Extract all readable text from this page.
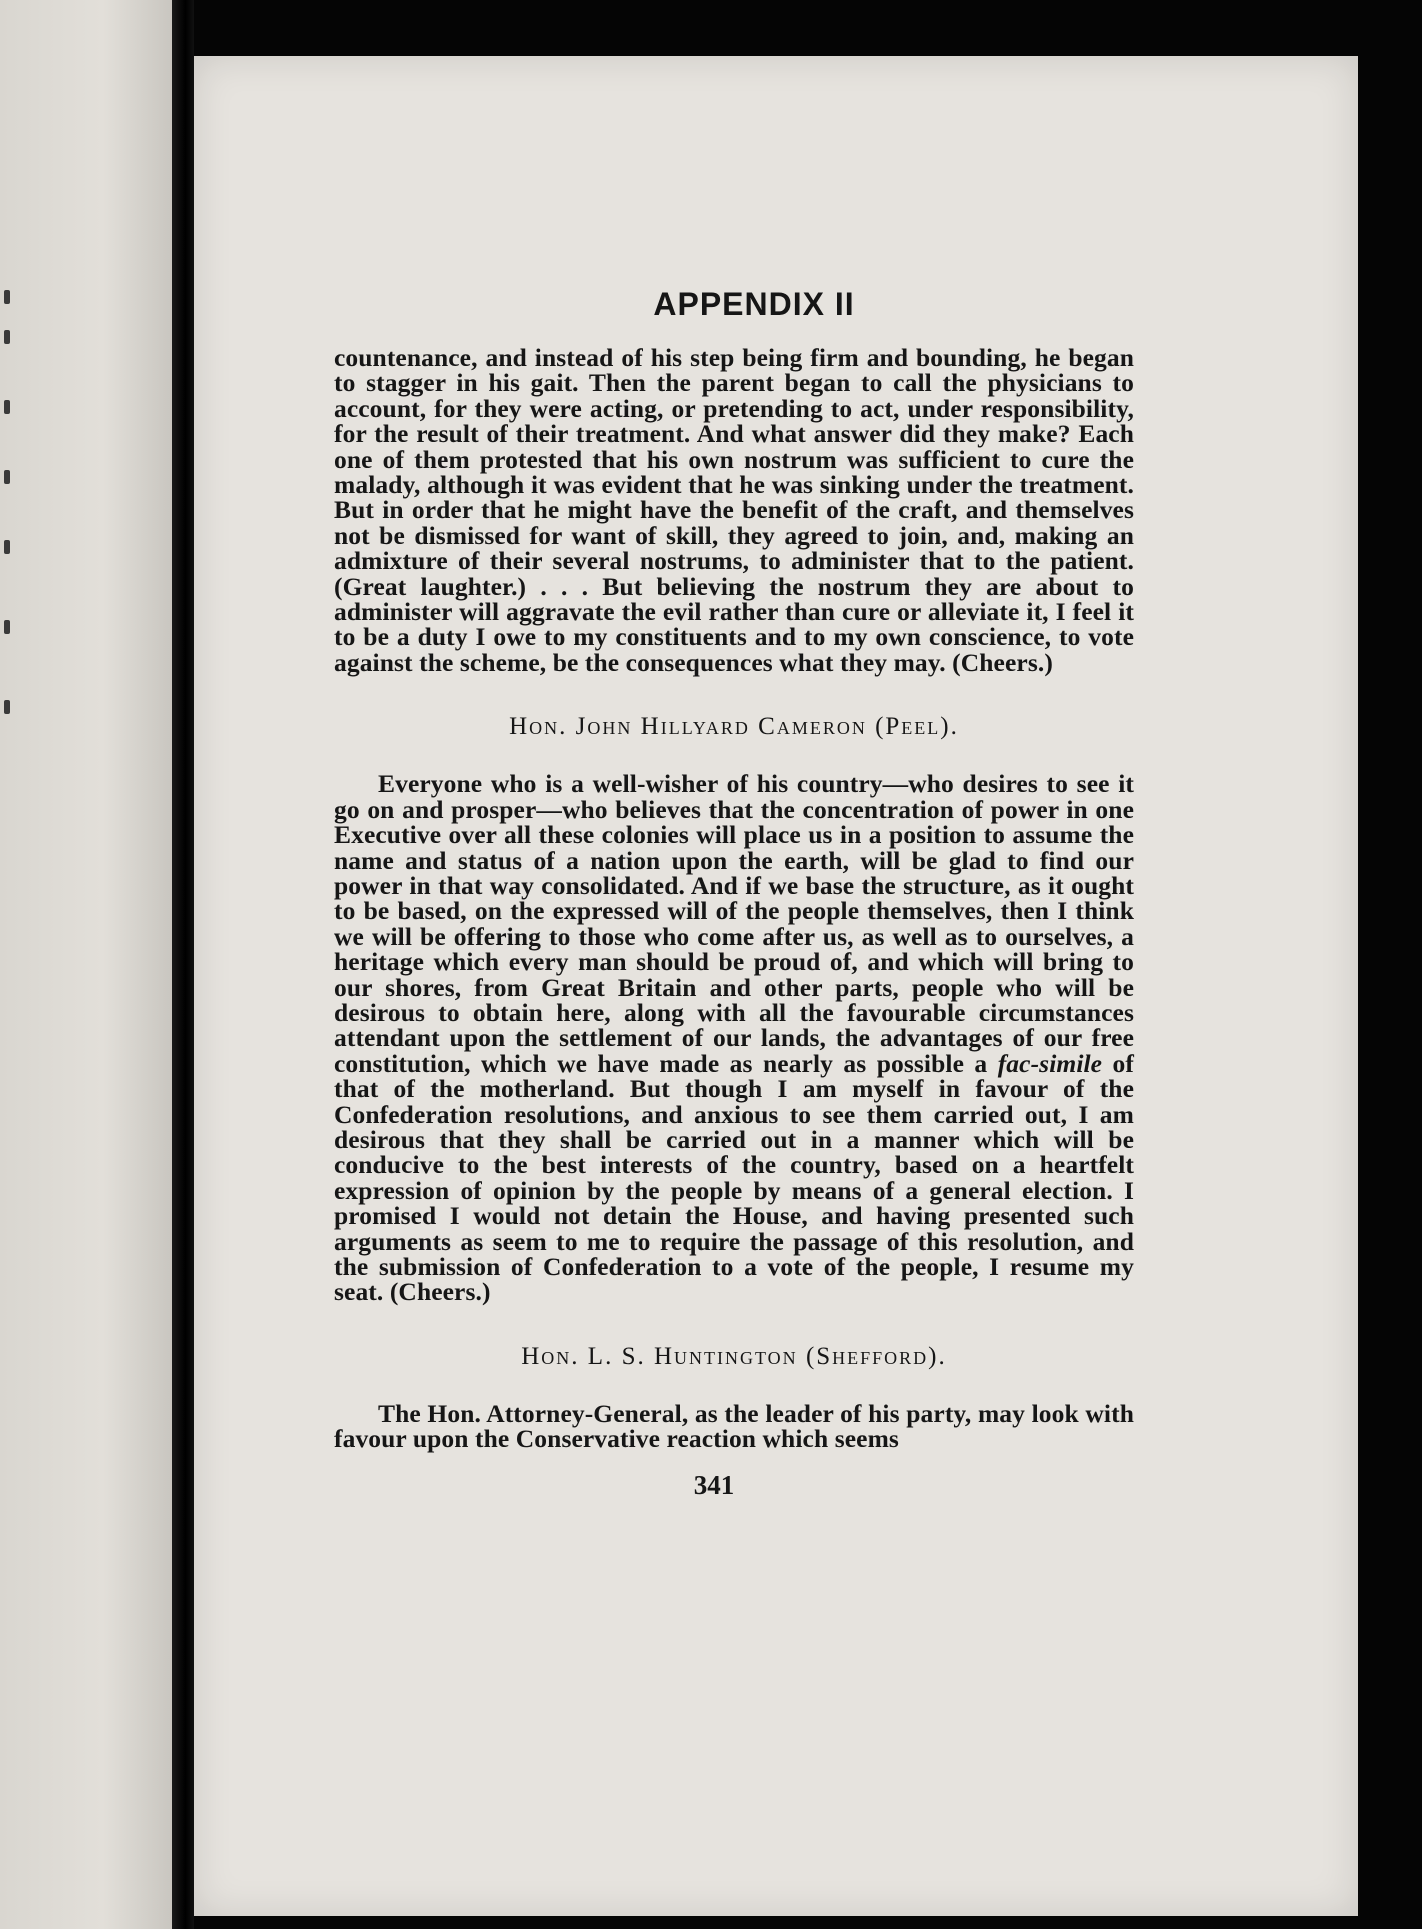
APPENDIX II

countenance, and instead of his step being firm and bounding, he began to stagger in his gait. Then the parent began to call the physicians to account, for they were acting, or pretending to act, under responsibility, for the result of their treatment. And what answer did they make? Each one of them protested that his own nostrum was sufficient to cure the malady, although it was evident that he was sinking under the treatment. But in order that he might have the benefit of the craft, and themselves not be dismissed for want of skill, they agreed to join, and, making an admixture of their several nostrums, to administer that to the patient. (Great laughter.) . . . But believing the nostrum they are about to administer will aggravate the evil rather than cure or alleviate it, I feel it to be a duty I owe to my constituents and to my own conscience, to vote against the scheme, be the consequences what they may. (Cheers.)

Hon. John Hillyard Cameron (Peel).

Everyone who is a well-wisher of his country—who desires to see it go on and prosper—who believes that the concentration of power in one Executive over all these colonies will place us in a position to assume the name and status of a nation upon the earth, will be glad to find our power in that way consolidated. And if we base the structure, as it ought to be based, on the expressed will of the people themselves, then I think we will be offering to those who come after us, as well as to ourselves, a heritage which every man should be proud of, and which will bring to our shores, from Great Britain and other parts, people who will be desirous to obtain here, along with all the favourable circumstances attendant upon the settlement of our lands, the advantages of our free constitution, which we have made as nearly as possible a fac-simile of that of the motherland. But though I am myself in favour of the Confederation resolutions, and anxious to see them carried out, I am desirous that they shall be carried out in a manner which will be conducive to the best interests of the country, based on a heartfelt expression of opinion by the people by means of a general election. I promised I would not detain the House, and having presented such arguments as seem to me to require the passage of this resolution, and the submission of Confederation to a vote of the people, I resume my seat. (Cheers.)

Hon. L. S. Huntington (Shefford).

The Hon. Attorney-General, as the leader of his party, may look with favour upon the Conservative reaction which seems

341
